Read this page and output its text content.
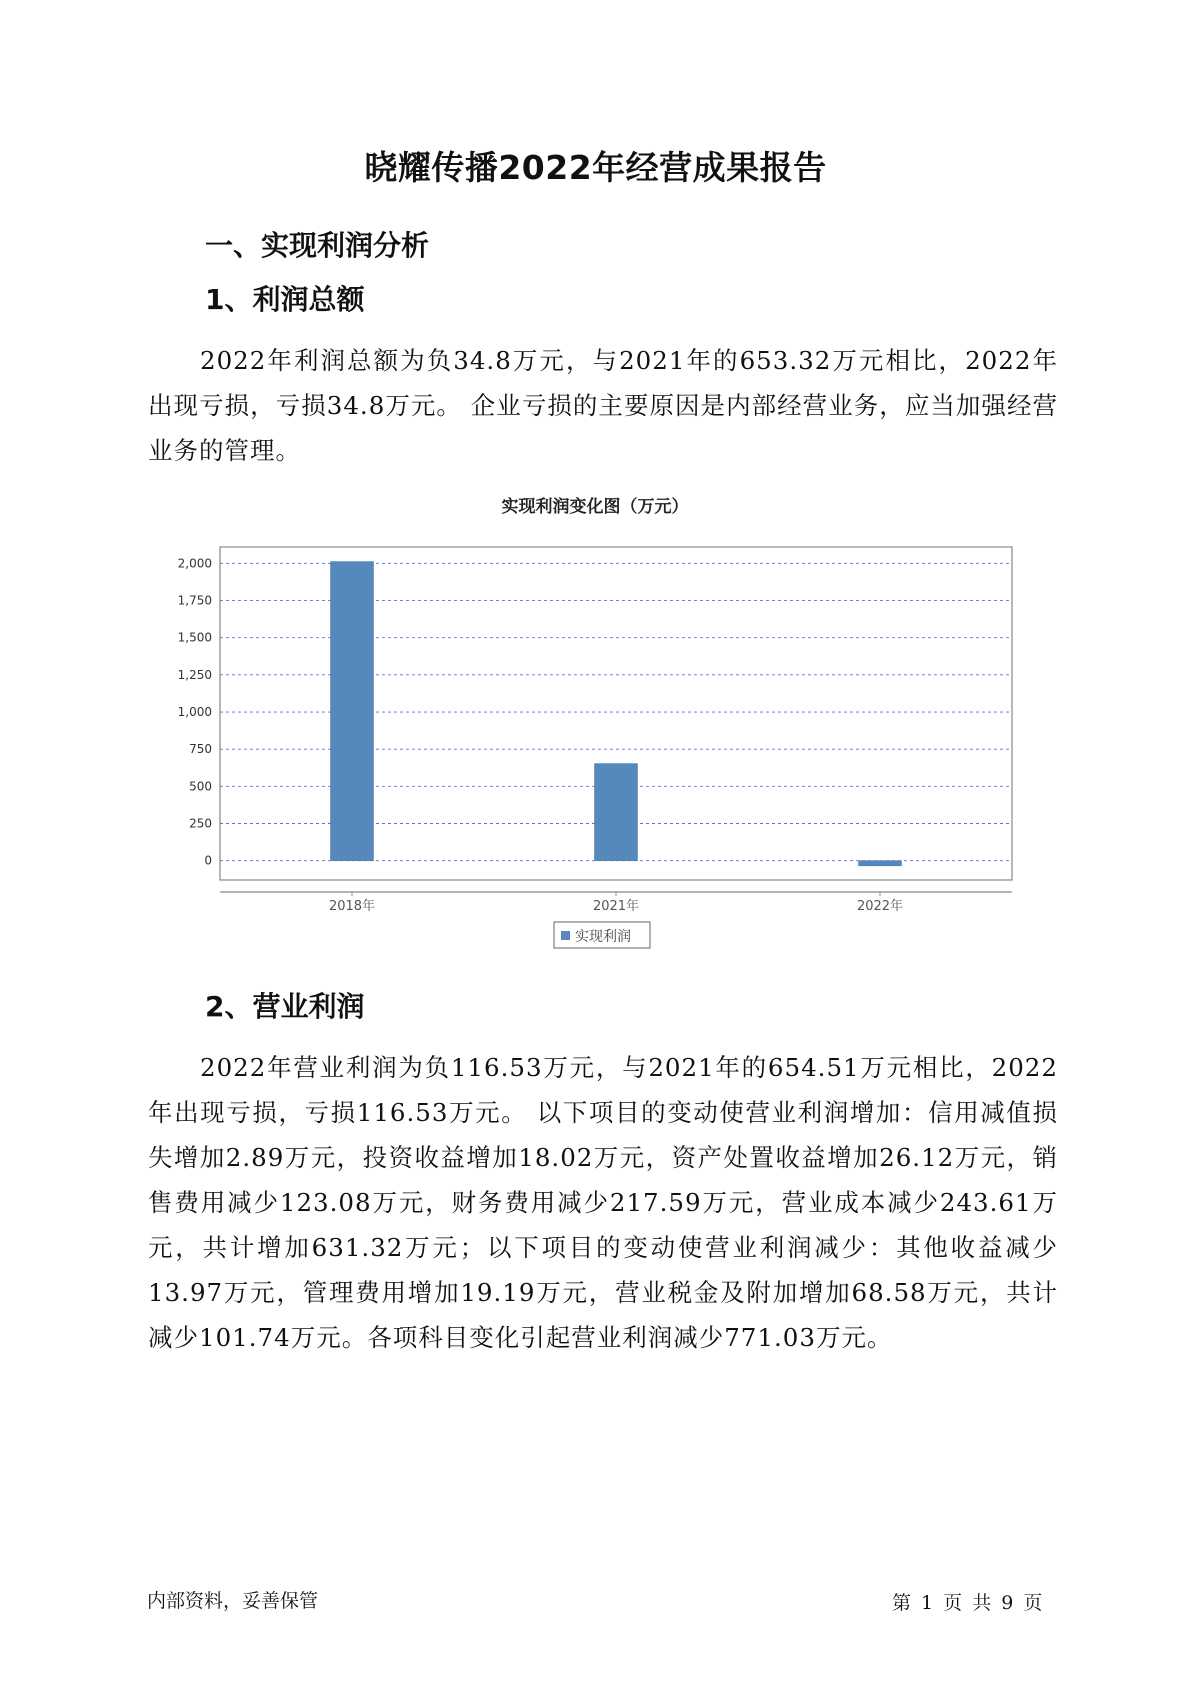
晓耀传播2022年经营成果报告
一、实现利润分析
1、利润总额

2022年利润总额为负34.8万元，与2021年的653.32万元相比，2022年出现亏损，亏损34.8万元。 企业亏损的主要原因是内部经营业务，应当加强经营业务的管理。

实现利润变化图（万元）
0
250
500
750
1,000
1,250
1,500
1,750
2,000
2018年	2021年	2022年
实现利润
2、营业利润

2022年营业利润为负116.53万元，与2021年的654.51万元相比，2022年出现亏损，亏损116.53万元。 以下项目的变动使营业利润增加：信用减值损失增加2.89万元，投资收益增加18.02万元，资产处置收益增加26.12万元，销售费用减少123.08万元，财务费用减少217.59万元，营业成本减少243.61万元，共计增加631.32万元；以下项目的变动使营业利润减少：其他收益减少13.97万元，管理费用增加19.19万元，营业税金及附加增加68.58万元，共计减少101.74万元。各项科目变化引起营业利润减少771.03万元。

内部资料，妥善保管	第 1 页 共 9 页
